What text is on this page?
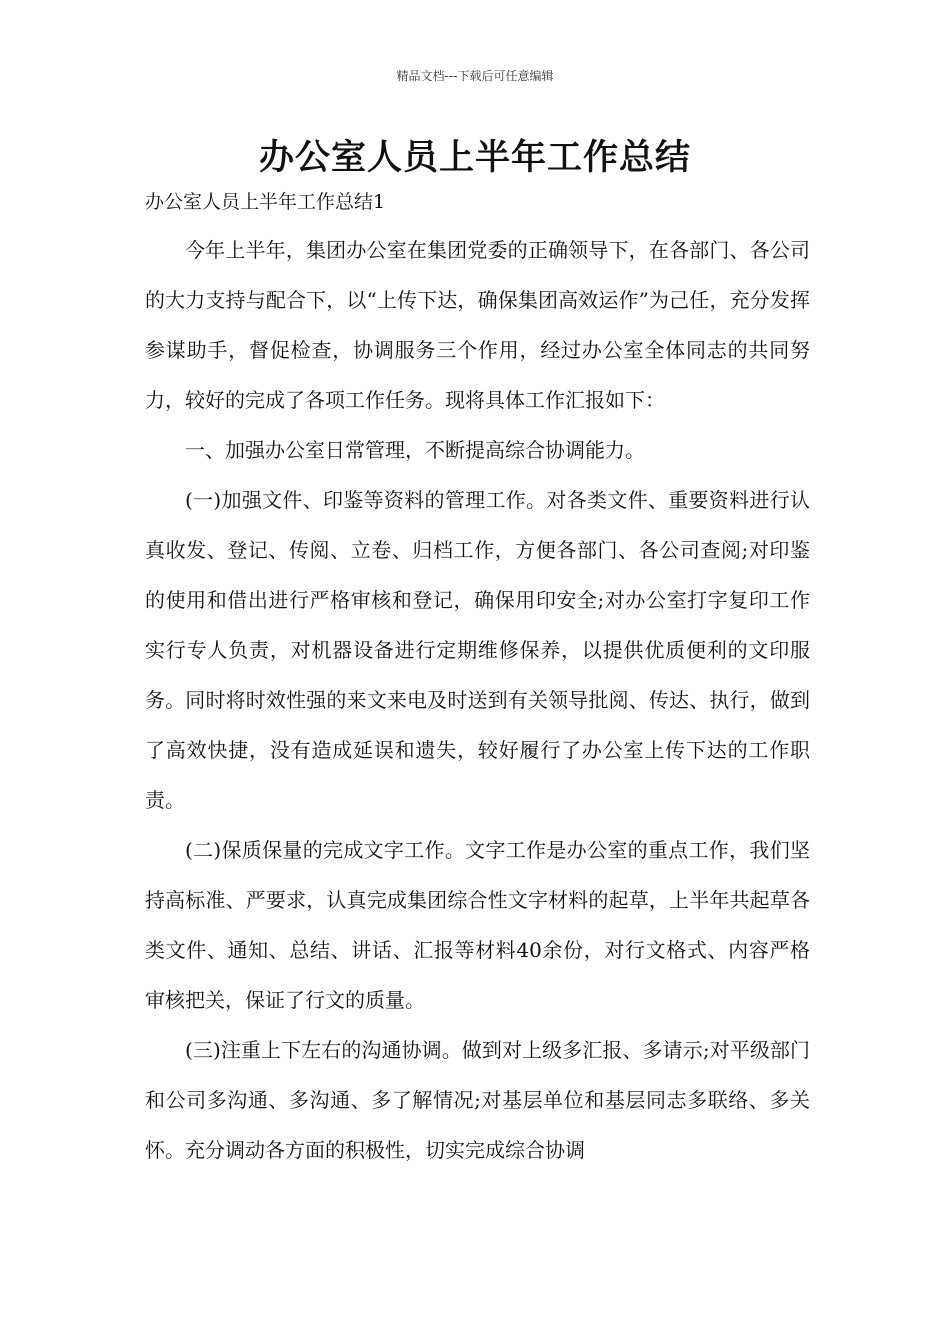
精品文档---下载后可任意编辑
办公室人员上半年工作总结
办公室人员上半年工作总结1

今年上半年，集团办公室在集团党委的正确领导下，在各部门、各公司的大力支持与配合下，以“上传下达，确保集团高效运作”为己任，充分发挥参谋助手，督促检查，协调服务三个作用，经过办公室全体同志的共同努力，较好的完成了各项工作任务。现将具体工作汇报如下：

一、加强办公室日常管理，不断提高综合协调能力。

(一)加强文件、印鉴等资料的管理工作。对各类文件、重要资料进行认真收发、登记、传阅、立卷、归档工作，方便各部门、各公司查阅;对印鉴的使用和借出进行严格审核和登记，确保用印安全;对办公室打字复印工作实行专人负责，对机器设备进行定期维修保养，以提供优质便利的文印服务。同时将时效性强的来文来电及时送到有关领导批阅、传达、执行，做到了高效快捷，没有造成延误和遗失，较好履行了办公室上传下达的工作职责。

(二)保质保量的完成文字工作。文字工作是办公室的重点工作，我们坚持高标准、严要求，认真完成集团综合性文字材料的起草，上半年共起草各类文件、通知、总结、讲话、汇报等材料40余份，对行文格式、内容严格审核把关，保证了行文的质量。

(三)注重上下左右的沟通协调。做到对上级多汇报、多请示;对平级部门和公司多沟通、多沟通、多了解情况;对基层单位和基层同志多联络、多关怀。充分调动各方面的积极性，切实完成综合协调
